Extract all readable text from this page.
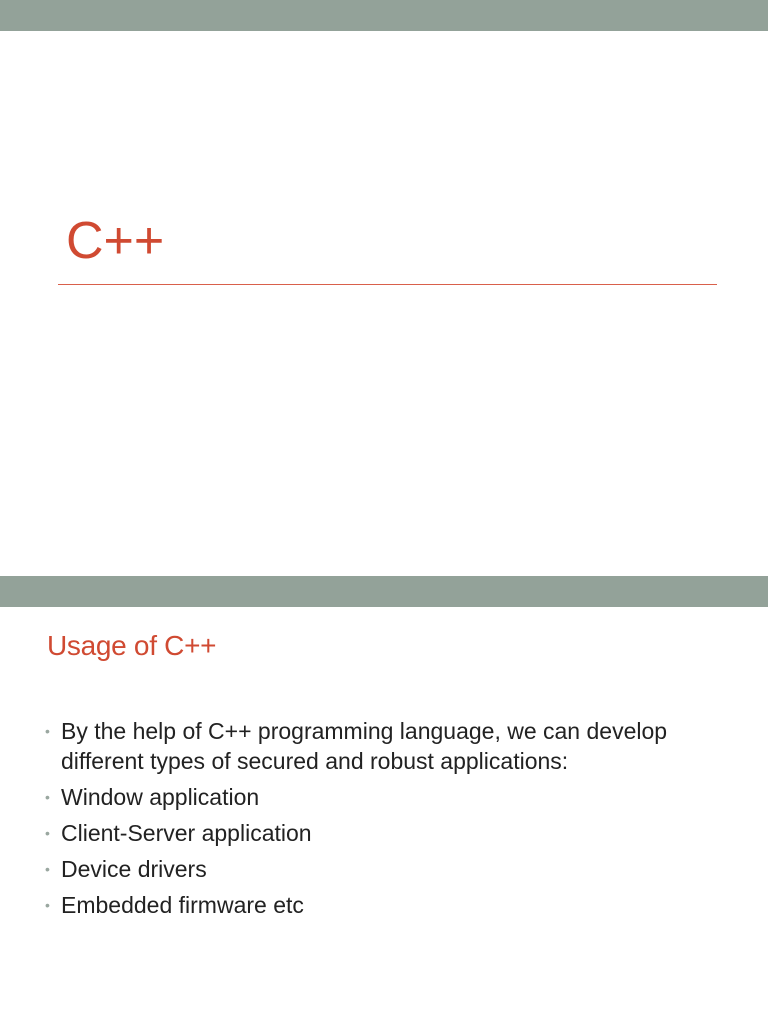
C++
Usage of C++
• By the help of C++ programming language, we can develop different types of secured and robust applications:
• Window application
• Client-Server application
• Device drivers
• Embedded firmware etc
